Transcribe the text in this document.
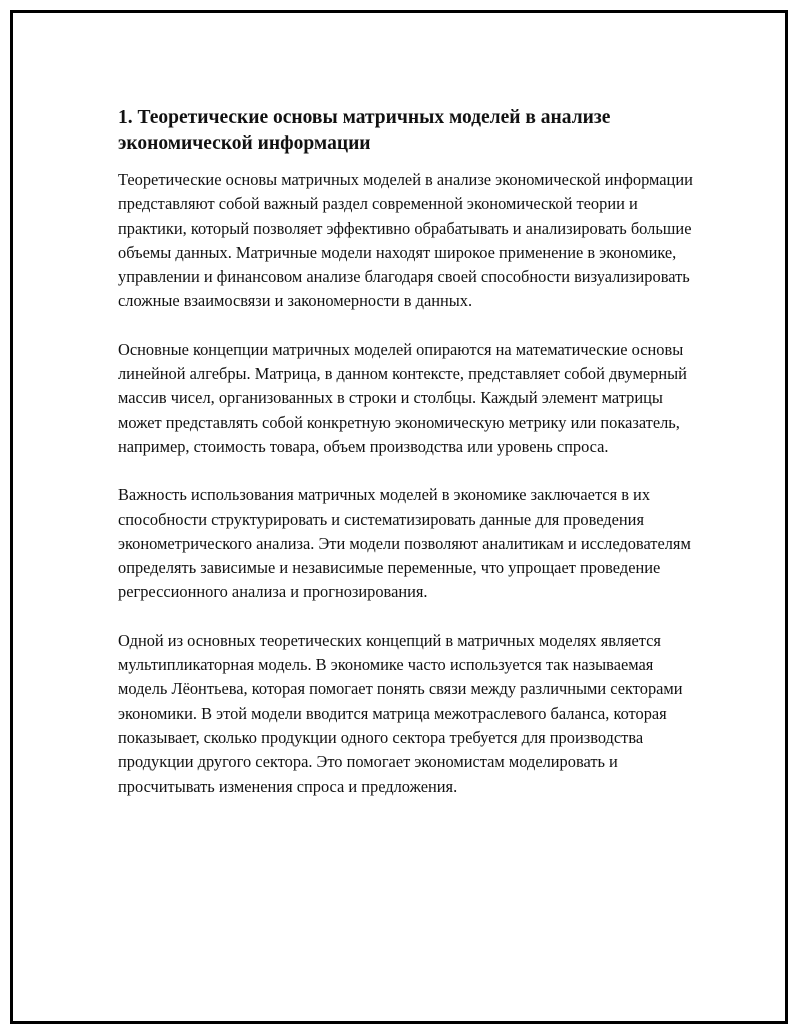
1. Теоретические основы матричных моделей в анализе экономической информации

Теоретические основы матричных моделей в анализе экономической информации представляют собой важный раздел современной экономической теории и практики, который позволяет эффективно обрабатывать и анализировать большие объемы данных. Матричные модели находят широкое применение в экономике, управлении и финансовом анализе благодаря своей способности визуализировать сложные взаимосвязи и закономерности в данных.

Основные концепции матричных моделей опираются на математические основы линейной алгебры. Матрица, в данном контексте, представляет собой двумерный массив чисел, организованных в строки и столбцы. Каждый элемент матрицы может представлять собой конкретную экономическую метрику или показатель, например, стоимость товара, объем производства или уровень спроса.

Важность использования матричных моделей в экономике заключается в их способности структурировать и систематизировать данные для проведения эконометрического анализа. Эти модели позволяют аналитикам и исследователям определять зависимые и независимые переменные, что упрощает проведение регрессионного анализа и прогнозирования.

Одной из основных теоретических концепций в матричных моделях является мультипликаторная модель. В экономике часто используется так называемая модель Лёонтьева, которая помогает понять связи между различными секторами экономики. В этой модели вводится матрица межотраслевого баланса, которая показывает, сколько продукции одного сектора требуется для производства продукции другого сектора. Это помогает экономистам моделировать и просчитывать изменения спроса и предложения.
